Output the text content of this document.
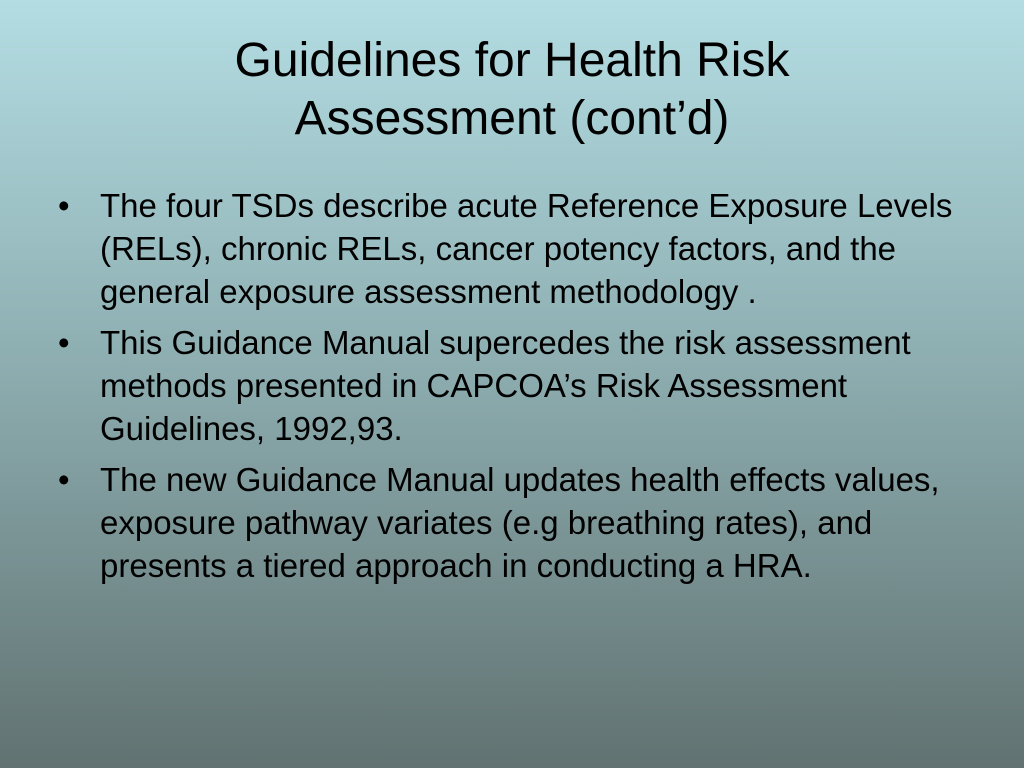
Guidelines for Health Risk
Assessment (cont’d)
• The four TSDs describe acute Reference Exposure Levels (RELs), chronic RELs, cancer potency factors, and the general exposure assessment methodology .
• This Guidance Manual supercedes the risk assessment methods presented in CAPCOA’s Risk Assessment Guidelines, 1992,93.
• The new Guidance Manual updates health effects values, exposure pathway variates (e.g breathing rates), and presents a tiered approach in conducting a HRA.
